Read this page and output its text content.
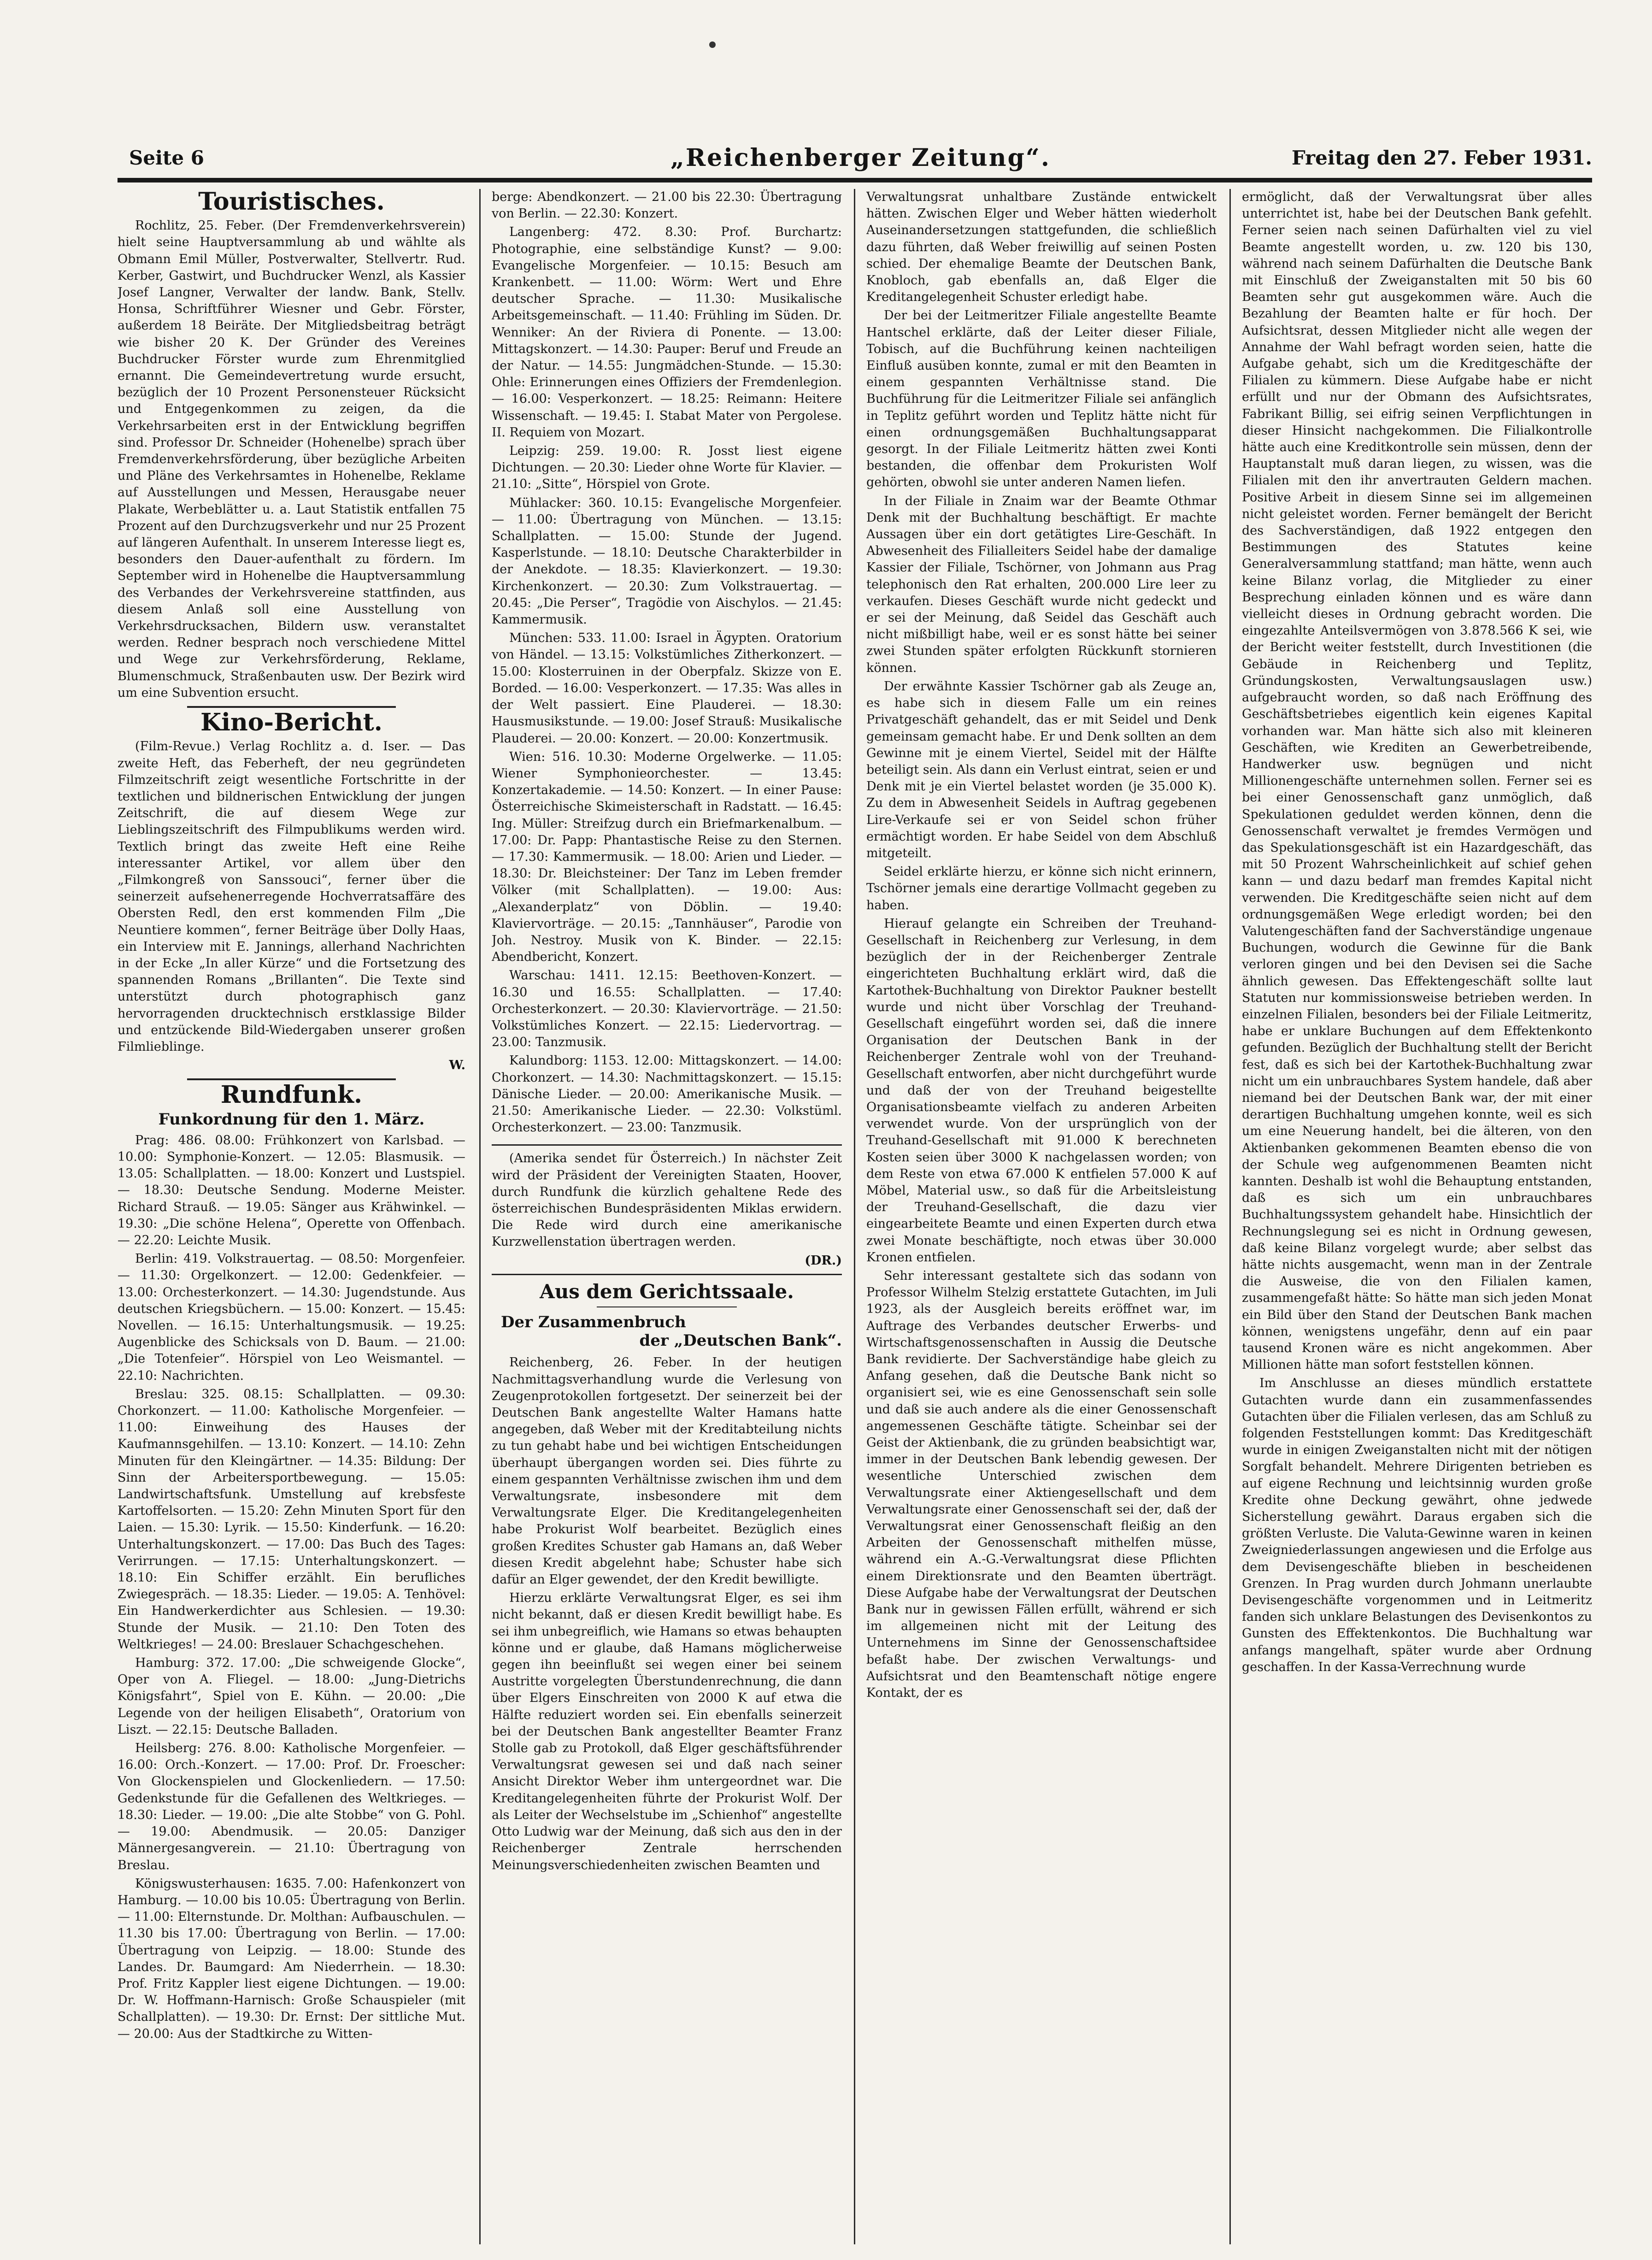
Seite 6	„Reichenberger Zeitung“.	Freitag den 27. Feber 1931.
Touristisches.

Rochlitz, 25. Feber. (Der Fremdenverkehrsverein) hielt seine Hauptversammlung ab und wählte als Obmann Emil Müller, Postverwalter, Stellvertr. Rud. Kerber, Gastwirt, und Buchdrucker Wenzl, als Kassier Josef Langner, Verwalter der landw. Bank, Stellv. Honsa, Schriftführer Wiesner und Gebr. Förster, außerdem 18 Beiräte. Der Mitgliedsbeitrag beträgt wie bisher 20 K. Der Gründer des Vereines Buchdrucker Förster wurde zum Ehrenmitglied ernannt. Die Gemeindevertretung wurde ersucht, bezüglich der 10 Prozent Personensteuer Rücksicht und Entgegenkommen zu zeigen, da die Verkehrsarbeiten erst in der Entwicklung begriffen sind. Professor Dr. Schneider (Hohenelbe) sprach über Fremdenverkehrsförderung, über bezügliche Arbeiten und Pläne des Verkehrsamtes in Hohenelbe, Reklame auf Ausstellungen und Messen, Herausgabe neuer Plakate, Werbeblätter u. a. Laut Statistik entfallen 75 Prozent auf den Durchzugsverkehr und nur 25 Prozent auf längeren Aufenthalt. In unserem Interesse liegt es, besonders den Dauer-aufenthalt zu fördern. Im September wird in Hohenelbe die Hauptversammlung des Verbandes der Verkehrsvereine stattfinden, aus diesem Anlaß soll eine Ausstellung von Verkehrsdrucksachen, Bildern usw. veranstaltet werden. Redner besprach noch verschiedene Mittel und Wege zur Verkehrsförderung, Reklame, Blumenschmuck, Straßenbauten usw. Der Bezirk wird um eine Subvention ersucht.

Kino-Bericht.

(Film-Revue.) Verlag Rochlitz a. d. Iser. — Das zweite Heft, das Feberheft, der neu gegründeten Filmzeitschrift zeigt wesentliche Fortschritte in der textlichen und bildnerischen Entwicklung der jungen Zeitschrift, die auf diesem Wege zur Lieblingszeitschrift des Filmpublikums werden wird. Textlich bringt das zweite Heft eine Reihe interessanter Artikel, vor allem über den „Filmkongreß von Sanssouci“, ferner über die seinerzeit aufsehenerregende Hochverratsaffäre des Obersten Redl, den erst kommenden Film „Die Neuntiere kommen“, ferner Beiträge über Dolly Haas, ein Interview mit E. Jannings, allerhand Nachrichten in der Ecke „In aller Kürze“ und die Fortsetzung des spannenden Romans „Brillanten“. Die Texte sind unterstützt durch photographisch ganz hervorragenden drucktechnisch erstklassige Bilder und entzückende Bild-Wiedergaben unserer großen Filmlieblinge.

W.
Rundfunk.
Funkordnung für den 1. März.

Prag: 486. 08.00: Frühkonzert von Karlsbad. — 10.00: Symphonie-Konzert. — 12.05: Blasmusik. — 13.05: Schallplatten. — 18.00: Konzert und Lustspiel. — 18.30: Deutsche Sendung. Moderne Meister. Richard Strauß. — 19.05: Sänger aus Krähwinkel. — 19.30: „Die schöne Helena“, Operette von Offenbach. — 22.20: Leichte Musik.

Berlin: 419. Volkstrauertag. — 08.50: Morgenfeier. — 11.30: Orgelkonzert. — 12.00: Gedenkfeier. — 13.00: Orchesterkonzert. — 14.30: Jugendstunde. Aus deutschen Kriegsbüchern. — 15.00: Konzert. — 15.45: Novellen. — 16.15: Unterhaltungsmusik. — 19.25: Augenblicke des Schicksals von D. Baum. — 21.00: „Die Totenfeier“. Hörspiel von Leo Weismantel. — 22.10: Nachrichten.

Breslau: 325. 08.15: Schallplatten. — 09.30: Chorkonzert. — 11.00: Katholische Morgenfeier. — 11.00: Einweihung des Hauses der Kaufmannsgehilfen. — 13.10: Konzert. — 14.10: Zehn Minuten für den Kleingärtner. — 14.35: Bildung: Der Sinn der Arbeitersportbewegung. — 15.05: Landwirtschaftsfunk. Umstellung auf krebsfeste Kartoffelsorten. — 15.20: Zehn Minuten Sport für den Laien. — 15.30: Lyrik. — 15.50: Kinderfunk. — 16.20: Unterhaltungskonzert. — 17.00: Das Buch des Tages: Verirrungen. — 17.15: Unterhaltungskonzert. — 18.10: Ein Schiffer erzählt. Ein berufliches Zwiegespräch. — 18.35: Lieder. — 19.05: A. Tenhövel: Ein Handwerkerdichter aus Schlesien. — 19.30: Stunde der Musik. — 21.10: Den Toten des Weltkrieges! — 24.00: Breslauer Schachgeschehen.

Hamburg: 372. 17.00: „Die schweigende Glocke“, Oper von A. Fliegel. — 18.00: „Jung-Dietrichs Königsfahrt“, Spiel von E. Kühn. — 20.00: „Die Legende von der heiligen Elisabeth“, Oratorium von Liszt. — 22.15: Deutsche Balladen.

Heilsberg: 276. 8.00: Katholische Morgenfeier. — 16.00: Orch.-Konzert. — 17.00: Prof. Dr. Froescher: Von Glockenspielen und Glockenliedern. — 17.50: Gedenkstunde für die Gefallenen des Weltkrieges. — 18.30: Lieder. — 19.00: „Die alte Stobbe“ von G. Pohl. — 19.00: Abendmusik. — 20.05: Danziger Männergesangverein. — 21.10: Übertragung von Breslau.

Königswusterhausen: 1635. 7.00: Hafenkonzert von Hamburg. — 10.00 bis 10.05: Übertragung von Berlin. — 11.00: Elternstunde. Dr. Molthan: Aufbauschulen. — 11.30 bis 17.00: Übertragung von Berlin. — 17.00: Übertragung von Leipzig. — 18.00: Stunde des Landes. Dr. Baumgard: Am Niederrhein. — 18.30: Prof. Fritz Kappler liest eigene Dichtungen. — 19.00: Dr. W. Hoffmann-Harnisch: Große Schauspieler (mit Schallplatten). — 19.30: Dr. Ernst: Der sittliche Mut. — 20.00: Aus der Stadtkirche zu Witten-

berge: Abendkonzert. — 21.00 bis 22.30: Übertragung von Berlin. — 22.30: Konzert.

Langenberg: 472. 8.30: Prof. Burchartz: Photographie, eine selbständige Kunst? — 9.00: Evangelische Morgenfeier. — 10.15: Besuch am Krankenbett. — 11.00: Wörm: Wert und Ehre deutscher Sprache. — 11.30: Musikalische Arbeitsgemeinschaft. — 11.40: Frühling im Süden. Dr. Wenniker: An der Riviera di Ponente. — 13.00: Mittagskonzert. — 14.30: Pauper: Beruf und Freude an der Natur. — 14.55: Jungmädchen-Stunde. — 15.30: Ohle: Erinnerungen eines Offiziers der Fremdenlegion. — 16.00: Vesperkonzert. — 18.25: Reimann: Heitere Wissenschaft. — 19.45: I. Stabat Mater von Pergolese. II. Requiem von Mozart.

Leipzig: 259. 19.00: R. Josst liest eigene Dichtungen. — 20.30: Lieder ohne Worte für Klavier. — 21.10: „Sitte“, Hörspiel von Grote.

Mühlacker: 360. 10.15: Evangelische Morgenfeier. — 11.00: Übertragung von München. — 13.15: Schallplatten. — 15.00: Stunde der Jugend. Kasperlstunde. — 18.10: Deutsche Charakterbilder in der Anekdote. — 18.35: Klavierkonzert. — 19.30: Kirchenkonzert. — 20.30: Zum Volkstrauertag. — 20.45: „Die Perser“, Tragödie von Aischylos. — 21.45: Kammermusik.

München: 533. 11.00: Israel in Ägypten. Oratorium von Händel. — 13.15: Volkstümliches Zitherkonzert. — 15.00: Klosterruinen in der Oberpfalz. Skizze von E. Borded. — 16.00: Vesperkonzert. — 17.35: Was alles in der Welt passiert. Eine Plauderei. — 18.30: Hausmusikstunde. — 19.00: Josef Strauß: Musikalische Plauderei. — 20.00: Konzert. — 20.00: Konzertmusik.

Wien: 516. 10.30: Moderne Orgelwerke. — 11.05: Wiener Symphonieorchester. — 13.45: Konzertakademie. — 14.50: Konzert. — In einer Pause: Österreichische Skimeisterschaft in Radstatt. — 16.45: Ing. Müller: Streifzug durch ein Briefmarkenalbum. — 17.00: Dr. Papp: Phantastische Reise zu den Sternen. — 17.30: Kammermusik. — 18.00: Arien und Lieder. — 18.30: Dr. Bleichsteiner: Der Tanz im Leben fremder Völker (mit Schallplatten). — 19.00: Aus: „Alexanderplatz“ von Döblin. — 19.40: Klaviervorträge. — 20.15: „Tannhäuser“, Parodie von Joh. Nestroy. Musik von K. Binder. — 22.15: Abendbericht, Konzert.

Warschau: 1411. 12.15: Beethoven-Konzert. — 16.30 und 16.55: Schallplatten. — 17.40: Orchesterkonzert. — 20.30: Klaviervorträge. — 21.50: Volkstümliches Konzert. — 22.15: Liedervortrag. — 23.00: Tanzmusik.

Kalundborg: 1153. 12.00: Mittagskonzert. — 14.00: Chorkonzert. — 14.30: Nachmittagskonzert. — 15.15: Dänische Lieder. — 20.00: Amerikanische Musik. — 21.50: Amerikanische Lieder. — 22.30: Volkstüml. Orchesterkonzert. — 23.00: Tanzmusik.

(Amerika sendet für Österreich.) In nächster Zeit wird der Präsident der Vereinigten Staaten, Hoover, durch Rundfunk die kürzlich gehaltene Rede des österreichischen Bundespräsidenten Miklas erwidern. Die Rede wird durch eine amerikanische Kurzwellenstation übertragen werden.

(DR.)
Aus dem Gerichtssaale.
Der Zusammenbruch
der „Deutschen Bank“.

Reichenberg, 26. Feber. In der heutigen Nachmittagsverhandlung wurde die Verlesung von Zeugenprotokollen fortgesetzt. Der seinerzeit bei der Deutschen Bank angestellte Walter Hamans hatte angegeben, daß Weber mit der Kreditabteilung nichts zu tun gehabt habe und bei wichtigen Entscheidungen überhaupt übergangen worden sei. Dies führte zu einem gespannten Verhältnisse zwischen ihm und dem Verwaltungsrate, insbesondere mit dem Verwaltungsrate Elger. Die Kreditangelegenheiten habe Prokurist Wolf bearbeitet. Bezüglich eines großen Kredites Schuster gab Hamans an, daß Weber diesen Kredit abgelehnt habe; Schuster habe sich dafür an Elger gewendet, der den Kredit bewilligte.

Hierzu erklärte Verwaltungsrat Elger, es sei ihm nicht bekannt, daß er diesen Kredit bewilligt habe. Es sei ihm unbegreiflich, wie Hamans so etwas behaupten könne und er glaube, daß Hamans möglicherweise gegen ihn beeinflußt sei wegen einer bei seinem Austritte vorgelegten Überstundenrechnung, die dann über Elgers Einschreiten von 2000 K auf etwa die Hälfte reduziert worden sei. Ein ebenfalls seinerzeit bei der Deutschen Bank angestellter Beamter Franz Stolle gab zu Protokoll, daß Elger geschäftsführender Verwaltungsrat gewesen sei und daß nach seiner Ansicht Direktor Weber ihm untergeordnet war. Die Kreditangelegenheiten führte der Prokurist Wolf. Der als Leiter der Wechselstube im „Schienhof“ angestellte Otto Ludwig war der Meinung, daß sich aus den in der Reichenberger Zentrale herrschenden Meinungsverschiedenheiten zwischen Beamten und

Verwaltungsrat unhaltbare Zustände entwickelt hätten. Zwischen Elger und Weber hätten wiederholt Auseinandersetzungen stattgefunden, die schließlich dazu führten, daß Weber freiwillig auf seinen Posten schied. Der ehemalige Beamte der Deutschen Bank, Knobloch, gab ebenfalls an, daß Elger die Kreditangelegenheit Schuster erledigt habe.

Der bei der Leitmeritzer Filiale angestellte Beamte Hantschel erklärte, daß der Leiter dieser Filiale, Tobisch, auf die Buchführung keinen nachteiligen Einfluß ausüben konnte, zumal er mit den Beamten in einem gespannten Verhältnisse stand. Die Buchführung für die Leitmeritzer Filiale sei anfänglich in Teplitz geführt worden und Teplitz hätte nicht für einen ordnungsgemäßen Buchhaltungsapparat gesorgt. In der Filiale Leitmeritz hätten zwei Konti bestanden, die offenbar dem Prokuristen Wolf gehörten, obwohl sie unter anderen Namen liefen.

In der Filiale in Znaim war der Beamte Othmar Denk mit der Buchhaltung beschäftigt. Er machte Aussagen über ein dort getätigtes Lire-Geschäft. In Abwesenheit des Filialleiters Seidel habe der damalige Kassier der Filiale, Tschörner, von Johmann aus Prag telephonisch den Rat erhalten, 200.000 Lire leer zu verkaufen. Dieses Geschäft wurde nicht gedeckt und er sei der Meinung, daß Seidel das Geschäft auch nicht mißbilligt habe, weil er es sonst hätte bei seiner zwei Stunden später erfolgten Rückkunft stornieren können.

Der erwähnte Kassier Tschörner gab als Zeuge an, es habe sich in diesem Falle um ein reines Privatgeschäft gehandelt, das er mit Seidel und Denk gemeinsam gemacht habe. Er und Denk sollten an dem Gewinne mit je einem Viertel, Seidel mit der Hälfte beteiligt sein. Als dann ein Verlust eintrat, seien er und Denk mit je ein Viertel belastet worden (je 35.000 K). Zu dem in Abwesenheit Seidels in Auftrag gegebenen Lire-Verkaufe sei er von Seidel schon früher ermächtigt worden. Er habe Seidel von dem Abschluß mitgeteilt.

Seidel erklärte hierzu, er könne sich nicht erinnern, Tschörner jemals eine derartige Vollmacht gegeben zu haben.

Hierauf gelangte ein Schreiben der Treuhand-Gesellschaft in Reichenberg zur Verlesung, in dem bezüglich der in der Reichenberger Zentrale eingerichteten Buchhaltung erklärt wird, daß die Kartothek-Buchhaltung von Direktor Paukner bestellt wurde und nicht über Vorschlag der Treuhand-Gesellschaft eingeführt worden sei, daß die innere Organisation der Deutschen Bank in der Reichenberger Zentrale wohl von der Treuhand-Gesellschaft entworfen, aber nicht durchgeführt wurde und daß der von der Treuhand beigestellte Organisationsbeamte vielfach zu anderen Arbeiten verwendet wurde. Von der ursprünglich von der Treuhand-Gesellschaft mit 91.000 K berechneten Kosten seien über 3000 K nachgelassen worden; von dem Reste von etwa 67.000 K entfielen 57.000 K auf Möbel, Material usw., so daß für die Arbeitsleistung der Treuhand-Gesellschaft, die dazu vier eingearbeitete Beamte und einen Experten durch etwa zwei Monate beschäftigte, noch etwas über 30.000 Kronen entfielen.

Sehr interessant gestaltete sich das sodann von Professor Wilhelm Stelzig erstattete Gutachten, im Juli 1923, als der Ausgleich bereits eröffnet war, im Auftrage des Verbandes deutscher Erwerbs- und Wirtschaftsgenossenschaften in Aussig die Deutsche Bank revidierte. Der Sachverständige habe gleich zu Anfang gesehen, daß die Deutsche Bank nicht so organisiert sei, wie es eine Genossenschaft sein solle und daß sie auch andere als die einer Genossenschaft angemessenen Geschäfte tätigte. Scheinbar sei der Geist der Aktienbank, die zu gründen beabsichtigt war, immer in der Deutschen Bank lebendig gewesen. Der wesentliche Unterschied zwischen dem Verwaltungsrate einer Aktiengesellschaft und dem Verwaltungsrate einer Genossenschaft sei der, daß der Verwaltungsrat einer Genossenschaft fleißig an den Arbeiten der Genossenschaft mithelfen müsse, während ein A.-G.-Verwaltungsrat diese Pflichten einem Direktionsrate und den Beamten überträgt. Diese Aufgabe habe der Verwaltungsrat der Deutschen Bank nur in gewissen Fällen erfüllt, während er sich im allgemeinen nicht mit der Leitung des Unternehmens im Sinne der Genossenschaftsidee befaßt habe. Der zwischen Verwaltungs- und Aufsichtsrat und den Beamtenschaft nötige engere Kontakt, der es

ermöglicht, daß der Verwaltungsrat über alles unterrichtet ist, habe bei der Deutschen Bank gefehlt. Ferner seien nach seinen Dafürhalten viel zu viel Beamte angestellt worden, u. zw. 120 bis 130, während nach seinem Dafürhalten die Deutsche Bank mit Einschluß der Zweiganstalten mit 50 bis 60 Beamten sehr gut ausgekommen wäre. Auch die Bezahlung der Beamten halte er für hoch. Der Aufsichtsrat, dessen Mitglieder nicht alle wegen der Annahme der Wahl befragt worden seien, hatte die Aufgabe gehabt, sich um die Kreditgeschäfte der Filialen zu kümmern. Diese Aufgabe habe er nicht erfüllt und nur der Obmann des Aufsichtsrates, Fabrikant Billig, sei eifrig seinen Verpflichtungen in dieser Hinsicht nachgekommen. Die Filialkontrolle hätte auch eine Kreditkontrolle sein müssen, denn der Hauptanstalt muß daran liegen, zu wissen, was die Filialen mit den ihr anvertrauten Geldern machen. Positive Arbeit in diesem Sinne sei im allgemeinen nicht geleistet worden. Ferner bemängelt der Bericht des Sachverständigen, daß 1922 entgegen den Bestimmungen des Statutes keine Generalversammlung stattfand; man hätte, wenn auch keine Bilanz vorlag, die Mitglieder zu einer Besprechung einladen können und es wäre dann vielleicht dieses in Ordnung gebracht worden. Die eingezahlte Anteilsvermögen von 3.878.566 K sei, wie der Bericht weiter feststellt, durch Investitionen (die Gebäude in Reichenberg und Teplitz, Gründungskosten, Verwaltungsauslagen usw.) aufgebraucht worden, so daß nach Eröffnung des Geschäftsbetriebes eigentlich kein eigenes Kapital vorhanden war. Man hätte sich also mit kleineren Geschäften, wie Krediten an Gewerbetreibende, Handwerker usw. begnügen und nicht Millionengeschäfte unternehmen sollen. Ferner sei es bei einer Genossenschaft ganz unmöglich, daß Spekulationen geduldet werden können, denn die Genossenschaft verwaltet je fremdes Vermögen und das Spekulationsgeschäft ist ein Hazardgeschäft, das mit 50 Prozent Wahrscheinlichkeit auf schief gehen kann — und dazu bedarf man fremdes Kapital nicht verwenden. Die Kreditgeschäfte seien nicht auf dem ordnungsgemäßen Wege erledigt worden; bei den Valutengeschäften fand der Sachverständige ungenaue Buchungen, wodurch die Gewinne für die Bank verloren gingen und bei den Devisen sei die Sache ähnlich gewesen. Das Effektengeschäft sollte laut Statuten nur kommissionsweise betrieben werden. In einzelnen Filialen, besonders bei der Filiale Leitmeritz, habe er unklare Buchungen auf dem Effektenkonto gefunden. Bezüglich der Buchhaltung stellt der Bericht fest, daß es sich bei der Kartothek-Buchhaltung zwar nicht um ein unbrauchbares System handele, daß aber niemand bei der Deutschen Bank war, der mit einer derartigen Buchhaltung umgehen konnte, weil es sich um eine Neuerung handelt, bei die älteren, von den Aktienbanken gekommenen Beamten ebenso die von der Schule weg aufgenommenen Beamten nicht kannten. Deshalb ist wohl die Behauptung entstanden, daß es sich um ein unbrauchbares Buchhaltungssystem gehandelt habe. Hinsichtlich der Rechnungslegung sei es nicht in Ordnung gewesen, daß keine Bilanz vorgelegt wurde; aber selbst das hätte nichts ausgemacht, wenn man in der Zentrale die Ausweise, die von den Filialen kamen, zusammengefaßt hätte: So hätte man sich jeden Monat ein Bild über den Stand der Deutschen Bank machen können, wenigstens ungefähr, denn auf ein paar tausend Kronen wäre es nicht angekommen. Aber Millionen hätte man sofort feststellen können.

Im Anschlusse an dieses mündlich erstattete Gutachten wurde dann ein zusammenfassendes Gutachten über die Filialen verlesen, das am Schluß zu folgenden Feststellungen kommt: Das Kreditgeschäft wurde in einigen Zweiganstalten nicht mit der nötigen Sorgfalt behandelt. Mehrere Dirigenten betrieben es auf eigene Rechnung und leichtsinnig wurden große Kredite ohne Deckung gewährt, ohne jedwede Sicherstellung gewährt. Daraus ergaben sich die größten Verluste. Die Valuta-Gewinne waren in keinen Zweigniederlassungen angewiesen und die Erfolge aus dem Devisengeschäfte blieben in bescheidenen Grenzen. In Prag wurden durch Johmann unerlaubte Devisengeschäfte vorgenommen und in Leitmeritz fanden sich unklare Belastungen des Devisenkontos zu Gunsten des Effektenkontos. Die Buchhaltung war anfangs mangelhaft, später wurde aber Ordnung geschaffen. In der Kassa-Verrechnung wurde
